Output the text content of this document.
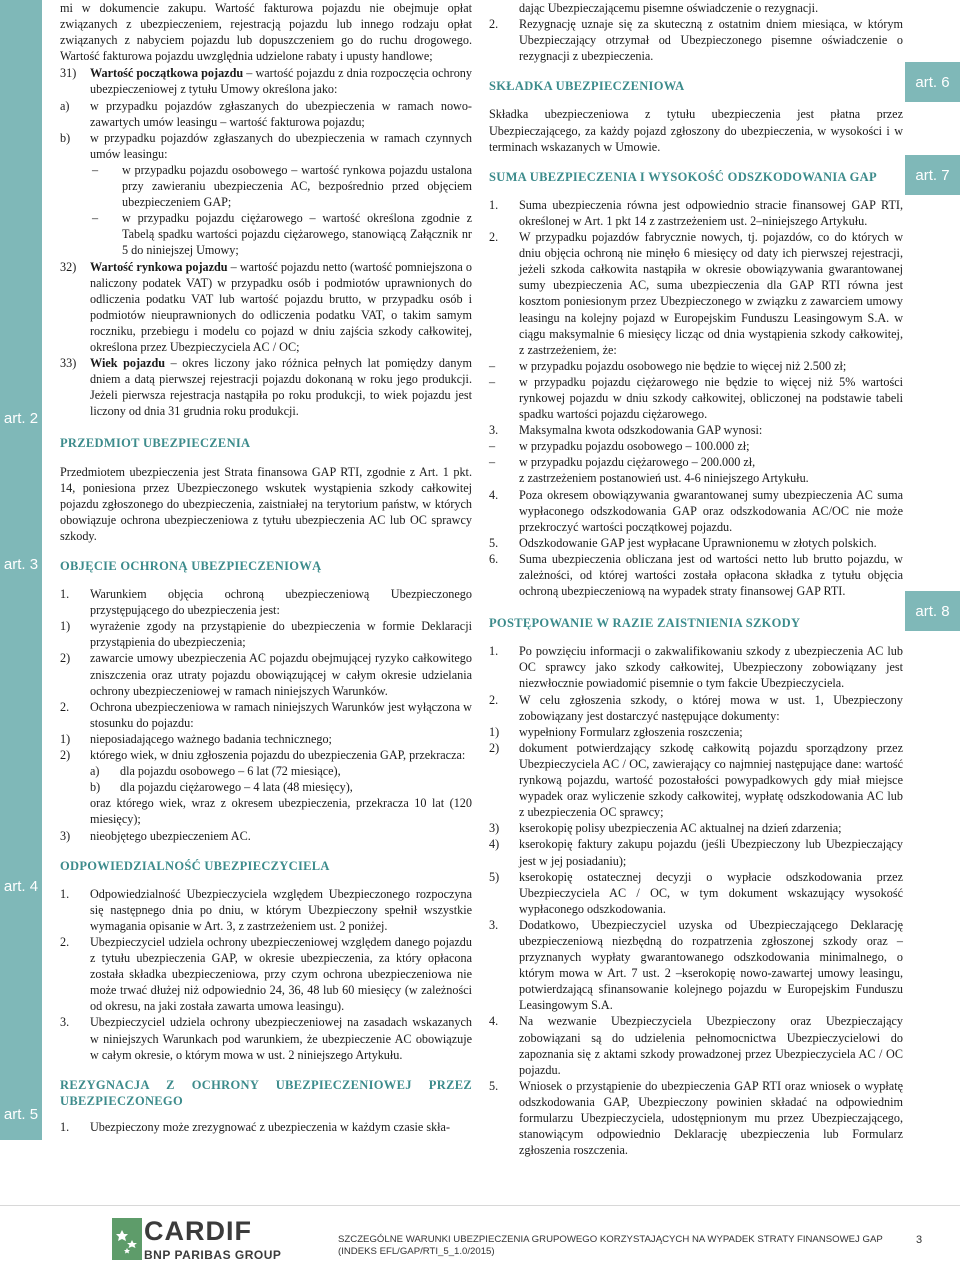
art. 2
art. 3
art. 4
art. 5
art. 6
art. 7
art. 8

mi w dokumencie zakupu. Wartość fakturowa pojazdu nie obejmuje opłat związanych z ubezpieczeniem, rejestracją pojazdu lub innego rodzaju opłat związanych z nabyciem pojazdu lub dopuszczeniem go do ruchu drogowego. Wartość fakturowa pojazdu uwzględnia udzielone rabaty i upusty handlowe;

31) Wartość początkowa pojazdu – wartość pojazdu z dnia rozpoczęcia ochrony ubezpieczeniowej z tytułu Umowy określona jako:
a) w przypadku pojazdów zgłaszanych do ubezpieczenia w ramach nowo-zawartych umów leasingu – wartość fakturowa pojazdu;
b) w przypadku pojazdów zgłaszanych do ubezpieczenia w ramach czynnych umów leasingu:
– w przypadku pojazdu osobowego – wartość rynkowa pojazdu ustalona przy zawieraniu ubezpieczenia AC, bezpośrednio przed objęciem ubezpieczeniem GAP;
– w przypadku pojazdu ciężarowego – wartość określona zgodnie z Tabelą spadku wartości pojazdu ciężarowego, stanowiącą Załącznik nr 5 do niniejszej Umowy;
32) Wartość rynkowa pojazdu – wartość pojazdu netto (wartość pomniejszona o naliczony podatek VAT) w przypadku osób i podmiotów uprawnionych do odliczenia podatku VAT lub wartość pojazdu brutto, w przypadku osób i podmiotów nieuprawnionych do odliczenia podatku VAT, o takim samym roczniku, przebiegu i modelu co pojazd w dniu zajścia szkody całkowitej, określona przez Ubezpieczyciela AC / OC;
33) Wiek pojazdu – okres liczony jako różnica pełnych lat pomiędzy danym dniem a datą pierwszej rejestracji pojazdu dokonaną w roku jego produkcji. Jeżeli pierwsza rejestracja nastąpiła po roku produkcji, to wiek pojazdu jest liczony od dnia 31 grudnia roku produkcji.

PRZEDMIOT UBEZPIECZENIA

Przedmiotem ubezpieczenia jest Strata finansowa GAP RTI, zgodnie z Art. 1 pkt. 14, poniesiona przez Ubezpieczonego wskutek wystąpienia szkody całkowitej pojazdu zgłoszonego do ubezpieczenia, zaistniałej na terytorium państw, w których obowiązuje ochrona ubezpieczeniowa z tytułu ubezpieczenia AC lub OC sprawcy szkody.

OBJĘCIE OCHRONĄ UBEZPIECZENIOWĄ

1. Warunkiem objęcia ochroną ubezpieczeniową Ubezpieczonego przystępującego do ubezpieczenia jest:
1) wyrażenie zgody na przystąpienie do ubezpieczenia w formie Deklaracji przystąpienia do ubezpieczenia;
2) zawarcie umowy ubezpieczenia AC pojazdu obejmującej ryzyko całkowitego zniszczenia oraz utraty pojazdu obowiązującej w całym okresie udzielania ochrony ubezpieczeniowej w ramach niniejszych Warunków.
2. Ochrona ubezpieczeniowa w ramach niniejszych Warunków jest wyłączona w stosunku do pojazdu:
1) nieposiadającego ważnego badania technicznego;
2) którego wiek, w dniu zgłoszenia pojazdu do ubezpieczenia GAP, przekracza:
a) dla pojazdu osobowego – 6 lat (72 miesiące),
b) dla pojazdu ciężarowego – 4 lata (48 miesięcy),
oraz którego wiek, wraz z okresem ubezpieczenia, przekracza 10 lat (120 miesięcy);
3) nieobjętego ubezpieczeniem AC.

ODPOWIEDZIALNOŚĆ UBEZPIECZYCIELA

1. Odpowiedzialność Ubezpieczyciela względem Ubezpieczonego rozpoczyna się następnego dnia po dniu, w którym Ubezpieczony spełnił wszystkie wymagania opisanie w Art. 3, z zastrzeżeniem ust. 2 poniżej.
2. Ubezpieczyciel udziela ochrony ubezpieczeniowej względem danego pojazdu z tytułu ubezpieczenia GAP, w okresie ubezpieczenia, za który opłacona została składka ubezpieczeniowa, przy czym ochrona ubezpieczeniowa nie może trwać dłużej niż odpowiednio 24, 36, 48 lub 60 miesięcy (w zależności od okresu, na jaki została zawarta umowa leasingu).
3. Ubezpieczyciel udziela ochrony ubezpieczeniowej na zasadach wskazanych w niniejszych Warunkach pod warunkiem, że ubezpieczenie AC obowiązuje w całym okresie, o którym mowa w ust. 2 niniejszego Artykułu.

REZYGNACJA Z OCHRONY UBEZPIECZENIOWEJ PRZEZ UBEZPIECZONEGO

1. Ubezpieczony może zrezygnować z ubezpieczenia w każdym czasie skła-

dając Ubezpieczającemu pisemne oświadczenie o rezygnacji.

2. Rezygnację uznaje się za skuteczną z ostatnim dniem miesiąca, w którym Ubezpieczający otrzymał od Ubezpieczonego pisemne oświadczenie o rezygnacji z ubezpieczenia.

SKŁADKA UBEZPIECZENIOWA

Składka ubezpieczeniowa z tytułu ubezpieczenia jest płatna przez Ubezpieczającego, za każdy pojazd zgłoszony do ubezpieczenia, w wysokości i w terminach wskazanych w Umowie.

SUMA UBEZPIECZENIA I WYSOKOŚĆ ODSZKODOWANIA GAP

1. Suma ubezpieczenia równa jest odpowiednio stracie finansowej GAP RTI, określonej w Art. 1 pkt 14 z zastrzeżeniem ust. 2–niniejszego Artykułu.
2. W przypadku pojazdów fabrycznie nowych, tj. pojazdów, co do których w dniu objęcia ochroną nie minęło 6 miesięcy od daty ich pierwszej rejestracji, jeżeli szkoda całkowita nastąpiła w okresie obowiązywania gwarantowanej sumy ubezpieczenia AC, suma ubezpieczenia dla GAP RTI równa jest kosztom poniesionym przez Ubezpieczonego w związku z zawarciem umowy leasingu na kolejny pojazd w Europejskim Funduszu Leasingowym S.A. w ciągu maksymalnie 6 miesięcy licząc od dnia wystąpienia szkody całkowitej, z zastrzeżeniem, że:
– w przypadku pojazdu osobowego nie będzie to więcej niż 2.500 zł;
– w przypadku pojazdu ciężarowego nie będzie to więcej niż 5% wartości rynkowej pojazdu w dniu szkody całkowitej, obliczonej na podstawie tabeli spadku wartości pojazdu ciężarowego.
3. Maksymalna kwota odszkodowania GAP wynosi:
– w przypadku pojazdu osobowego – 100.000 zł;
– w przypadku pojazdu ciężarowego – 200.000 zł,
z zastrzeżeniem postanowień ust. 4-6 niniejszego Artykułu.
4. Poza okresem obowiązywania gwarantowanej sumy ubezpieczenia AC suma wypłaconego odszkodowania GAP oraz odszkodowania AC/OC nie może przekroczyć wartości początkowej pojazdu.
5. Odszkodowanie GAP jest wypłacane Uprawnionemu w złotych polskich.
6. Suma ubezpieczenia obliczana jest od wartości netto lub brutto pojazdu, w zależności, od której wartości została opłacona składka z tytułu objęcia ochroną ubezpieczeniową na wypadek straty finansowej GAP RTI.

POSTĘPOWANIE W RAZIE ZAISTNIENIA SZKODY

1. Po powzięciu informacji o zakwalifikowaniu szkody z ubezpieczenia AC lub OC sprawcy jako szkody całkowitej, Ubezpieczony zobowiązany jest niezwłocznie powiadomić pisemnie o tym fakcie Ubezpieczyciela.
2. W celu zgłoszenia szkody, o której mowa w ust. 1, Ubezpieczony zobowiązany jest dostarczyć następujące dokumenty:
1) wypełniony Formularz zgłoszenia roszczenia;
2) dokument potwierdzający szkodę całkowitą pojazdu sporządzony przez Ubezpieczyciela AC / OC, zawierający co najmniej następujące dane: wartość rynkową pojazdu, wartość pozostałości powypadkowych gdy miał miejsce wypadek oraz wyliczenie szkody całkowitej, wypłatę odszkodowania AC lub z ubezpieczenia OC sprawcy;
3) kserokopię polisy ubezpieczenia AC aktualnej na dzień zdarzenia;
4) kserokopię faktury zakupu pojazdu (jeśli Ubezpieczony lub Ubezpieczający jest w jej posiadaniu);
5) kserokopię ostatecznej decyzji o wypłacie odszkodowania przez Ubezpieczyciela AC / OC, w tym dokument wskazujący wysokość wypłaconego odszkodowania.
3. Dodatkowo, Ubezpieczyciel uzyska od Ubezpieczającego Deklarację ubezpieczeniową niezbędną do rozpatrzenia zgłoszonej szkody oraz – przyznanych wypłaty gwarantowanego odszkodowania minimalnego, o którym mowa w Art. 7 ust. 2 –kserokopię nowo-zawartej umowy leasingu, potwierdzającą sfinansowanie kolejnego pojazdu w Europejskim Funduszu Leasingowym S.A.
4. Na wezwanie Ubezpieczyciela Ubezpieczony oraz Ubezpieczający zobowiązani są do udzielenia pełnomocnictwa Ubezpieczycielowi do zapoznania się z aktami szkody prowadzonej przez Ubezpieczyciela AC / OC pojazdu.
5. Wniosek o przystąpienie do ubezpieczenia GAP RTI oraz wniosek o wypłatę odszkodowania GAP, Ubezpieczony powinien składać na odpowiednim formularzu Ubezpieczyciela, udostępnionym mu przez Ubezpieczającego, stanowiącym odpowiednio Deklarację ubezpieczenia lub Formularz zgłoszenia roszczenia.
CARDIF
BNP PARIBAS GROUP
SZCZEGÓLNE WARUNKI UBEZPIECZENIA GRUPOWEGO KORZYSTAJĄCYCH NA WYPADEK STRATY FINANSOWEJ GAP
(INDEKS EFL/GAP/RTI_5_1.0/2015)
3
